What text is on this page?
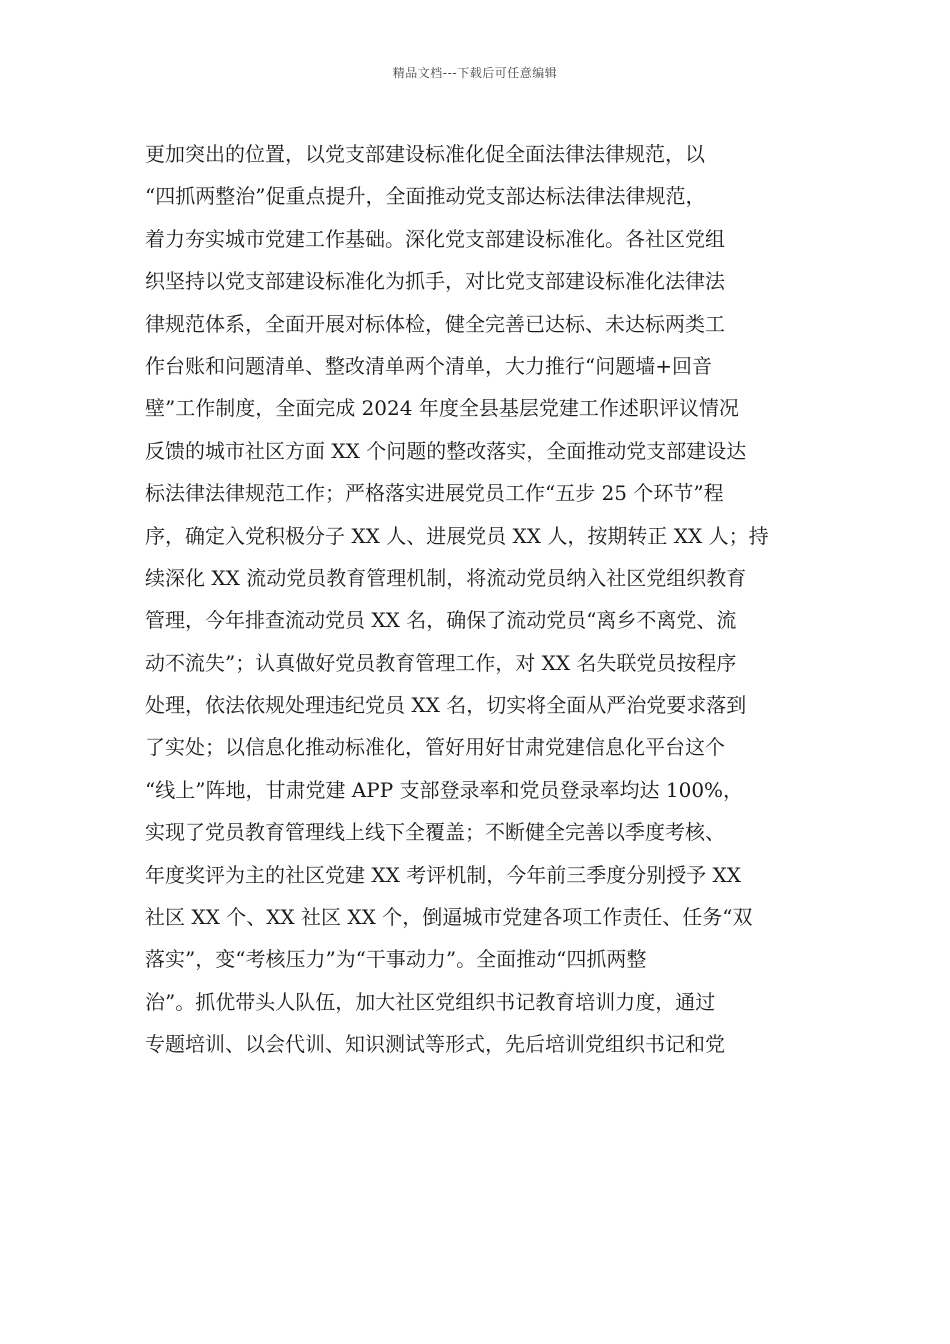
精品文档---下载后可任意编辑
更加突出的位置，以党支部建设标准化促全面法律法律规范，以
“四抓两整治”促重点提升，全面推动党支部达标法律法律规范，
着力夯实城市党建工作基础。深化党支部建设标准化。各社区党组
织坚持以党支部建设标准化为抓手，对比党支部建设标准化法律法
律规范体系，全面开展对标体检，健全完善已达标、未达标两类工
作台账和问题清单、整改清单两个清单，大力推行“问题墙+回音
壁”工作制度，全面完成 2024 年度全县基层党建工作述职评议情况
反馈的城市社区方面 XX 个问题的整改落实，全面推动党支部建设达
标法律法律规范工作；严格落实进展党员工作“五步 25 个环节”程
序，确定入党积极分子 XX 人、进展党员 XX 人，按期转正 XX 人；持
续深化 XX 流动党员教育管理机制，将流动党员纳入社区党组织教育
管理，今年排查流动党员 XX 名，确保了流动党员“离乡不离党、流
动不流失”；认真做好党员教育管理工作，对 XX 名失联党员按程序
处理，依法依规处理违纪党员 XX 名，切实将全面从严治党要求落到
了实处；以信息化推动标准化，管好用好甘肃党建信息化平台这个
“线上”阵地，甘肃党建 APP 支部登录率和党员登录率均达 100%，
实现了党员教育管理线上线下全覆盖；不断健全完善以季度考核、
年度奖评为主的社区党建 XX 考评机制，今年前三季度分别授予 XX
社区 XX 个、XX 社区 XX 个，倒逼城市党建各项工作责任、任务“双
落实”，变“考核压力”为“干事动力”。全面推动“四抓两整
治”。抓优带头人队伍，加大社区党组织书记教育培训力度，通过
专题培训、以会代训、知识测试等形式，先后培训党组织书记和党
